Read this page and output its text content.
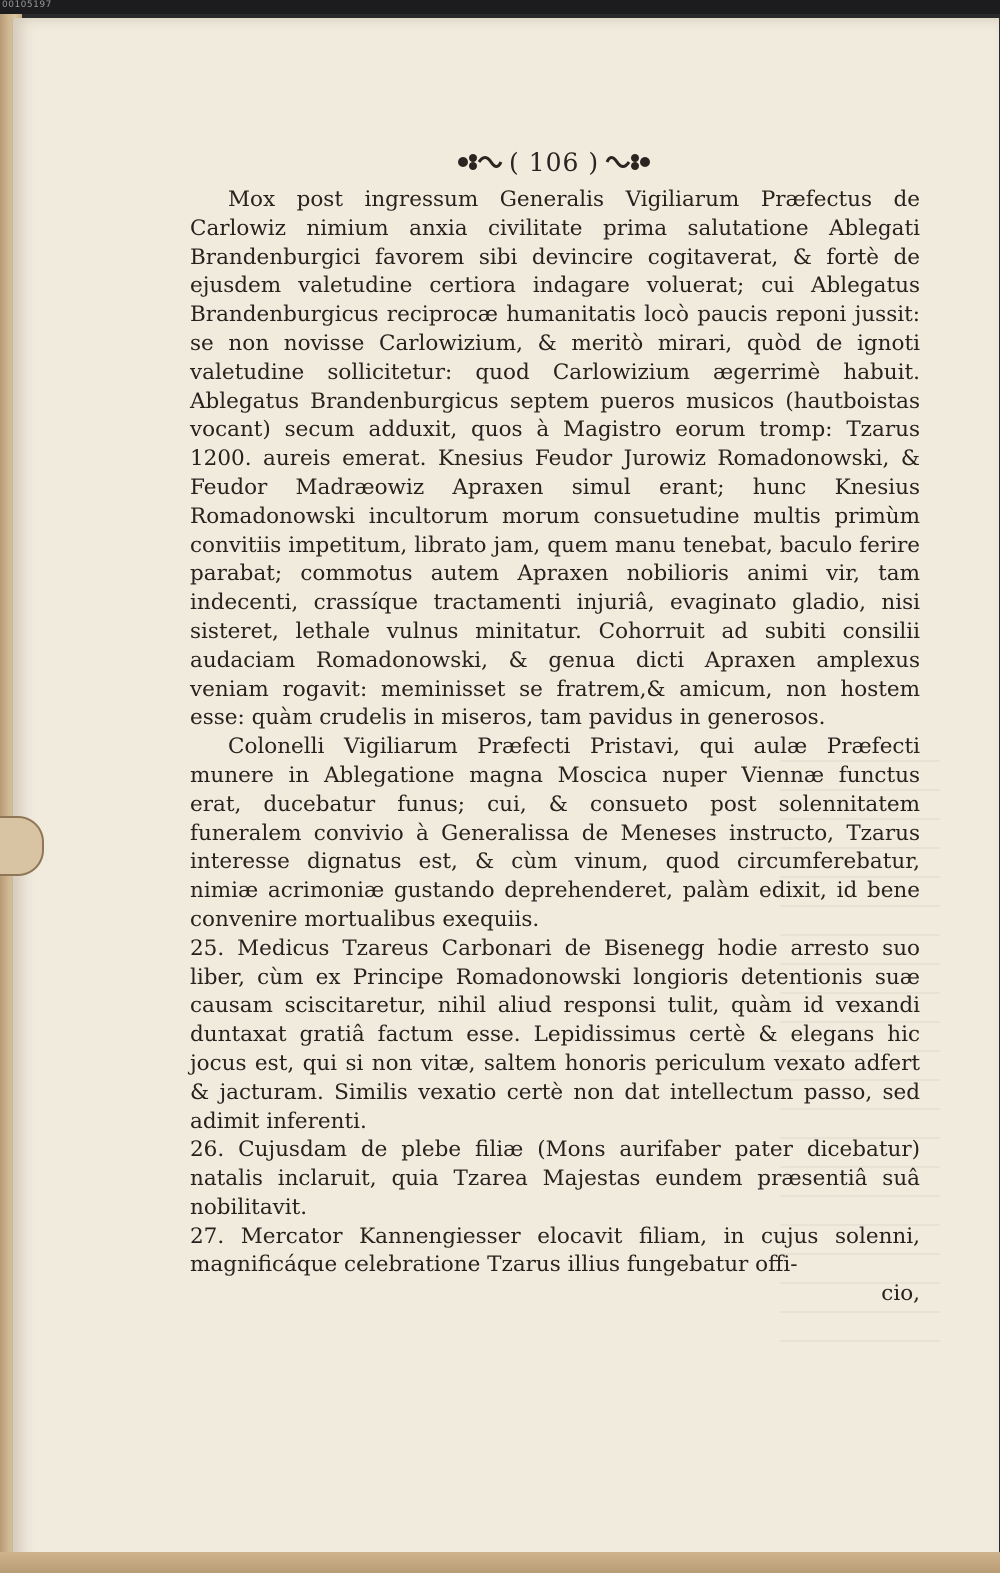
00105197
( 106 )

Mox post ingressum Generalis Vigiliarum Præfectus de Carlowiz nimium anxia civilitate prima salutatione Ablegati Brandenburgici favorem sibi devincire cogitaverat, & fortè de ejusdem valetudine certiora indagare voluerat; cui Ablegatus Brandenburgicus reciprocæ humanitatis locò paucis reponi jussit: se non novisse Carlowizium, & meritò mirari, quòd de ignoti valetudine sollicitetur: quod Carlowizium ægerrimè habuit. Ablegatus Brandenburgicus septem pueros musicos (hautboistas vocant) secum adduxit, quos à Magistro eorum tromp: Tzarus 1200. aureis emerat. Knesius Feudor Jurowiz Romadonowski, & Feudor Madræowiz Apraxen simul erant; hunc Knesius Romadonowski incultorum morum consuetudine multis primùm convitiis impetitum, librato jam, quem manu tenebat, baculo ferire parabat; commotus autem Apraxen nobilioris animi vir, tam indecenti, crassíque tractamenti injuriâ, evaginato gladio, nisi sisteret, lethale vulnus minitatur. Cohorruit ad subiti consilii audaciam Romadonowski, & genua dicti Apraxen amplexus veniam rogavit: meminisset se fratrem,& amicum, non hostem esse: quàm crudelis in miseros, tam pavidus in generosos.

Colonelli Vigiliarum Præfecti Pristavi, qui aulæ Præfecti munere in Ablegatione magna Moscica nuper Viennæ functus erat, ducebatur funus; cui, & consueto post solennitatem funeralem convivio à Generalissa de Meneses instructo, Tzarus interesse dignatus est, & cùm vinum, quod circumferebatur, nimiæ acrimoniæ gustando deprehenderet, palàm edixit, id bene convenire mortualibus exequiis.

25. Medicus Tzareus Carbonari de Bisenegg hodie arresto suo liber, cùm ex Principe Romadonowski longioris detentionis suæ causam sciscitaretur, nihil aliud responsi tulit, quàm id vexandi duntaxat gratiâ factum esse. Lepidissimus certè & elegans hic jocus est, qui si non vitæ, saltem honoris periculum vexato adfert & jacturam. Similis vexatio certè non dat intellectum passo, sed adimit inferenti.

26. Cujusdam de plebe filiæ (Mons aurifaber pater dicebatur) natalis inclaruit, quia Tzarea Majestas eundem præsentiâ suâ nobilitavit.

27. Mercator Kannengiesser elocavit filiam, in cujus solenni, magnificáque celebratione Tzarus illius fungebatur offi-

cio,
